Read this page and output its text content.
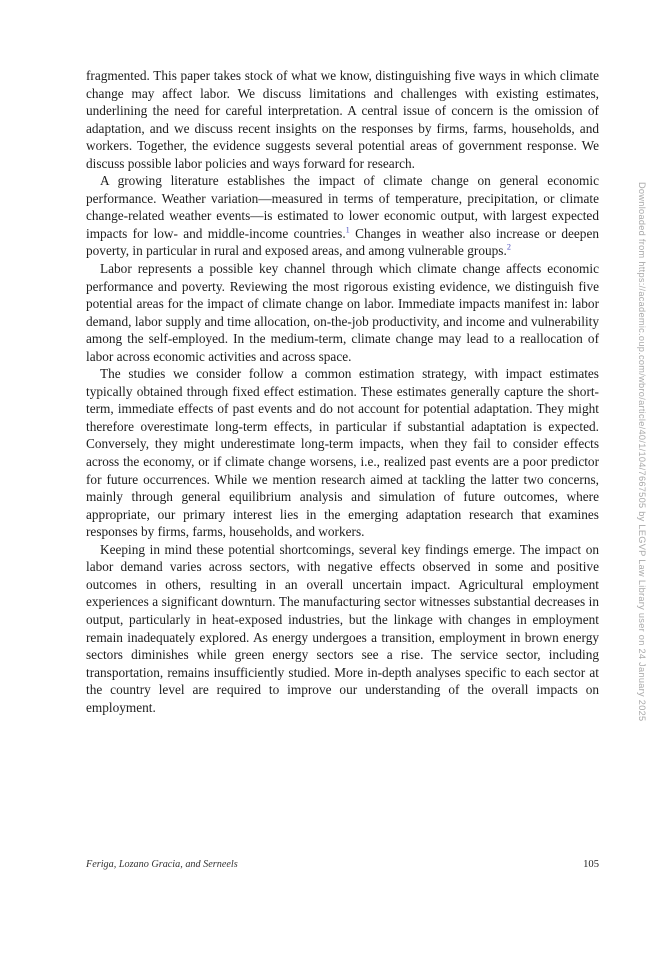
fragmented. This paper takes stock of what we know, distinguishing five ways in which climate change may affect labor. We discuss limitations and challenges with existing estimates, underlining the need for careful interpretation. A central issue of concern is the omission of adaptation, and we discuss recent insights on the responses by firms, farms, households, and workers. Together, the evidence suggests several potential areas of government response. We discuss possible labor policies and ways forward for research.

A growing literature establishes the impact of climate change on general economic performance. Weather variation—measured in terms of temperature, precipitation, or climate change-related weather events—is estimated to lower economic output, with largest expected impacts for low- and middle-income countries.$^1$ Changes in weather also increase or deepen poverty, in particular in rural and exposed areas, and among vulnerable groups.$^2$

Labor represents a possible key channel through which climate change affects economic performance and poverty. Reviewing the most rigorous existing evidence, we distinguish five potential areas for the impact of climate change on labor. Immediate impacts manifest in: labor demand, labor supply and time allocation, on-the-job productivity, and income and vulnerability among the self-employed. In the medium-term, climate change may lead to a reallocation of labor across economic activities and across space.

The studies we consider follow a common estimation strategy, with impact estimates typically obtained through fixed effect estimation. These estimates generally capture the short-term, immediate effects of past events and do not account for potential adaptation. They might therefore overestimate long-term effects, in particular if substantial adaptation is expected. Conversely, they might underestimate long-term impacts, when they fail to consider effects across the economy, or if climate change worsens, i.e., realized past events are a poor predictor for future occurrences. While we mention research aimed at tackling the latter two concerns, mainly through general equilibrium analysis and simulation of future outcomes, where appropriate, our primary interest lies in the emerging adaptation research that examines responses by firms, farms, households, and workers.

Keeping in mind these potential shortcomings, several key findings emerge. The impact on labor demand varies across sectors, with negative effects observed in some and positive outcomes in others, resulting in an overall uncertain impact. Agricultural employment experiences a significant downturn. The manufacturing sector witnesses substantial decreases in output, particularly in heat-exposed industries, but the linkage with changes in employment remain inadequately explored. As energy undergoes a transition, employment in brown energy sectors diminishes while green energy sectors see a rise. The service sector, including transportation, remains insufficiently studied. More in-depth analyses specific to each sector at the country level are required to improve our understanding of the overall impacts on employment.	Downloaded from https://academic.oup.com/wbro/article/40/1/104/7667505 by LEGVP Law Library user on 24 January 2025
Feriga, Lozano Gracia, and Serneels	105
